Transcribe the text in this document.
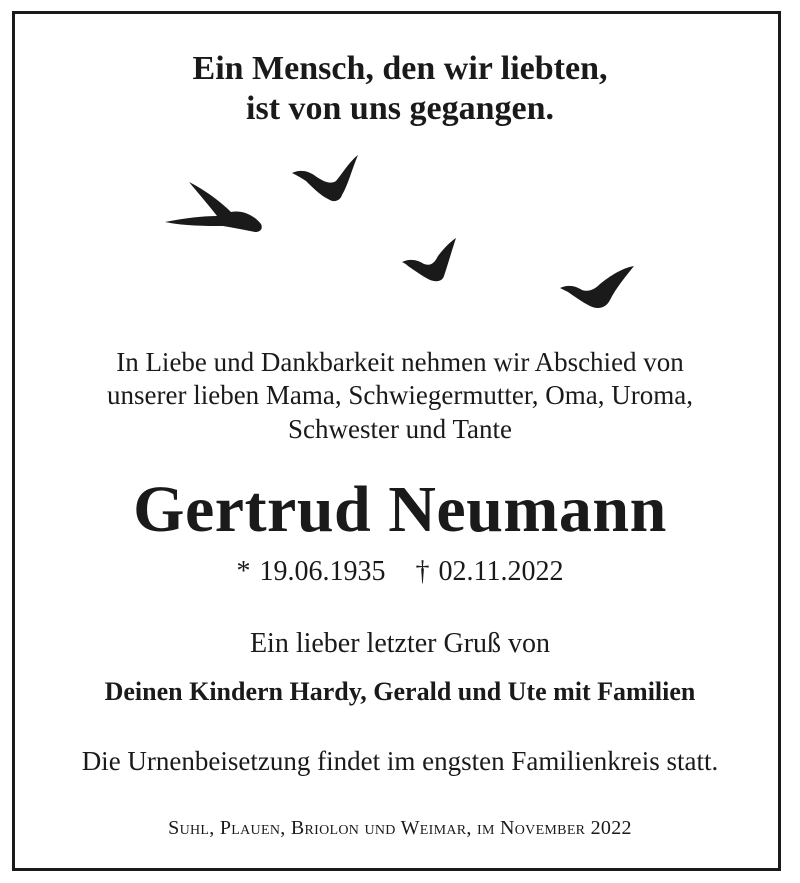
Ein Mensch, den wir liebten,
ist von uns gegangen.
In Liebe und Dankbarkeit nehmen wir Abschied von
unserer lieben Mama, Schwiegermutter, Oma, Uroma,
Schwester und Tante
Gertrud Neumann
* 19.06.1935 † 02.11.2022
Ein lieber letzter Gruß von
Deinen Kindern Hardy, Gerald und Ute mit Familien
Die Urnenbeisetzung findet im engsten Familienkreis statt.
Suhl, Plauen, Briolon und Weimar, im November 2022
